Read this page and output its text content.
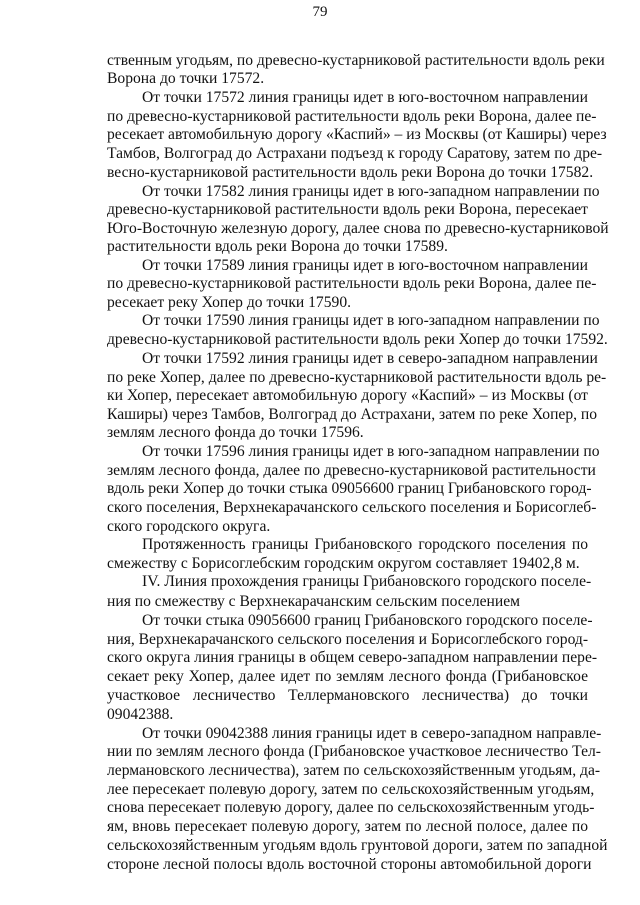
79
ственным угодьям, по древесно-кустарниковой растительности вдоль реки
Ворона до точки 17572.
От точки 17572 линия границы идет в юго-восточном направлении
по древесно-кустарниковой растительности вдоль реки Ворона, далее пе-
ресекает автомобильную дорогу «Каспий» – из Москвы (от Каширы) через
Тамбов, Волгоград до Астрахани подъезд к городу Саратову, затем по дре-
весно-кустарниковой растительности вдоль реки Ворона до точки 17582.
От точки 17582 линия границы идет в юго-западном направлении по
древесно-кустарниковой растительности вдоль реки Ворона, пересекает
Юго-Восточную железную дорогу, далее снова по древесно-кустарниковой
растительности вдоль реки Ворона до точки 17589.
От точки 17589 линия границы идет в юго-восточном направлении
по древесно-кустарниковой растительности вдоль реки Ворона, далее пе-
ресекает реку Хопер до точки 17590.
От точки 17590 линия границы идет в юго-западном направлении по
древесно-кустарниковой растительности вдоль реки Хопер до точки 17592.
От точки 17592 линия границы идет в северо-западном направлении
по реке Хопер, далее по древесно-кустарниковой растительности вдоль ре-
ки Хопер, пересекает автомобильную дорогу «Каспий» – из Москвы (от
Каширы) через Тамбов, Волгоград до Астрахани, затем по реке Хопер, по
землям лесного фонда до точки 17596.
От точки 17596 линия границы идет в юго-западном направлении по
землям лесного фонда, далее по древесно-кустарниковой растительности
вдоль реки Хопер до точки стыка 09056600 границ Грибановского город-
ского поселения, Верхнекарачанского сельского поселения и Борисоглеб-
ского городского округа.
Протяженность границы Грибановского городского поселения по
смежеству с Борисоглебским городским округом составляет 19402,8 м.
IV. Линия прохождения границы Грибановского городского поселе-
ния по смежеству с Верхнекарачанским сельским поселением
От точки стыка 09056600 границ Грибановского городского поселе-
ния, Верхнекарачанского сельского поселения и Борисоглебского город-
ского округа линия границы в общем северо-западном направлении пере-
секает реку Хопер, далее идет по землям лесного фонда (Грибановское
участковое лесничество Теллермановского лесничества) до точки
09042388.
От точки 09042388 линия границы идет в северо-западном направле-
нии по землям лесного фонда (Грибановское участковое лесничество Тел-
лермановского лесничества), затем по сельскохозяйственным угодьям, да-
лее пересекает полевую дорогу, затем по сельскохозяйственным угодьям,
снова пересекает полевую дорогу, далее по сельскохозяйственным угодь-
ям, вновь пересекает полевую дорогу, затем по лесной полосе, далее по
сельскохозяйственным угодьям вдоль грунтовой дороги, затем по западной
стороне лесной полосы вдоль восточной стороны автомобильной дороги
